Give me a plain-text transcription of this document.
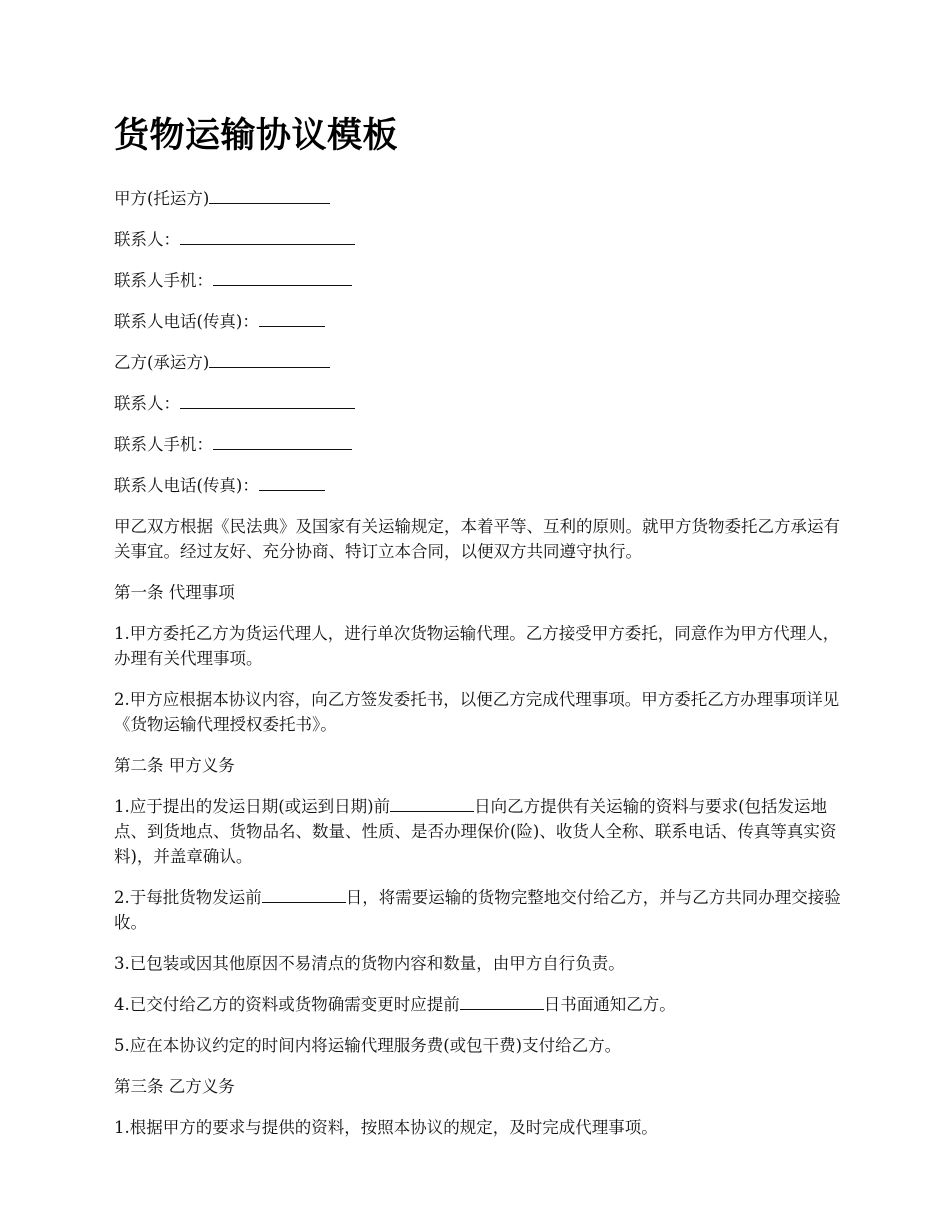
货物运输协议模板

甲方(托运方)

联系人：

联系人手机：

联系人电话(传真)：

乙方(承运方)

联系人：

联系人手机：

联系人电话(传真)：

甲乙双方根据《民法典》及国家有关运输规定，本着平等、互利的原则。就甲方货物委托乙方承运有关事宜。经过友好、充分协商、特订立本合同，以便双方共同遵守执行。

第一条 代理事项

1.甲方委托乙方为货运代理人，进行单次货物运输代理。乙方接受甲方委托，同意作为甲方代理人，办理有关代理事项。

2.甲方应根据本协议内容，向乙方签发委托书，以便乙方完成代理事项。甲方委托乙方办理事项详见《货物运输代理授权委托书》。

第二条 甲方义务

1.应于提出的发运日期(或运到日期)前	日向乙方提供有关运输的资料与要求(包括发运地点、到货地点、货物品名、数量、性质、是否办理保价(险)、收货人全称、联系电话、传真等真实资料)，并盖章确认。

2.于每批货物发运前	日，将需要运输的货物完整地交付给乙方，并与乙方共同办理交接验收。

3.已包装或因其他原因不易清点的货物内容和数量，由甲方自行负责。

4.已交付给乙方的资料或货物确需变更时应提前	日书面通知乙方。

5.应在本协议约定的时间内将运输代理服务费(或包干费)支付给乙方。

第三条 乙方义务

1.根据甲方的要求与提供的资料，按照本协议的规定，及时完成代理事项。
